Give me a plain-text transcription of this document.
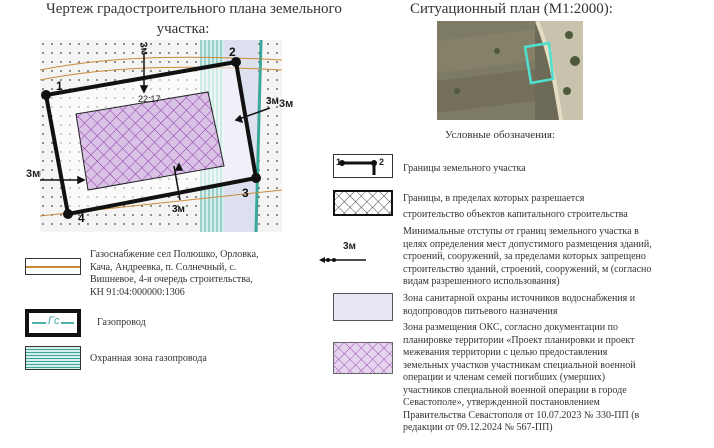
Чертеж градостроительного плана земельного
участка:
Ситуационный план (М1:2000):
22:17
1
2
3
4
3м
3м
3м
3м
3м
Условные обозначения:
Газоснабжение сел Полюшко, Орловка,
Кача, Андреевка, п. Солнечный, с.
Вишневое, 4-я очередь строительства,
КН 91:04:000000:1306
Гс	Газопровод
Охранная зона газопровода
1	2
Границы земельного участка
Границы, в пределах которых разрешается
строительство объектов капитального строительства
3м
Минимальные отступы от границ земельного участка в
целях определения мест допустимого размещения зданий,
строений, сооружений, за пределами которых запрещено
строительство зданий, строений, сооружений, м (согласно
видам разрешенного использования)
Зона санитарной охраны источников водоснабжения и
водопроводов питьевого назначения
Зона размещения ОКС, согласно документации по
планировке территории «Проект планировки и проект
межевания территории с целью предоставления
земельных участков участникам специальной военной
операции и членам семей погибших (умерших)
участников специальной военной операции в городе
Севастополе», утвержденной постановлением
Правительства Севастополя от 10.07.2023 № 330-ПП (в
редакции от 09.12.2024 № 567-ПП)
